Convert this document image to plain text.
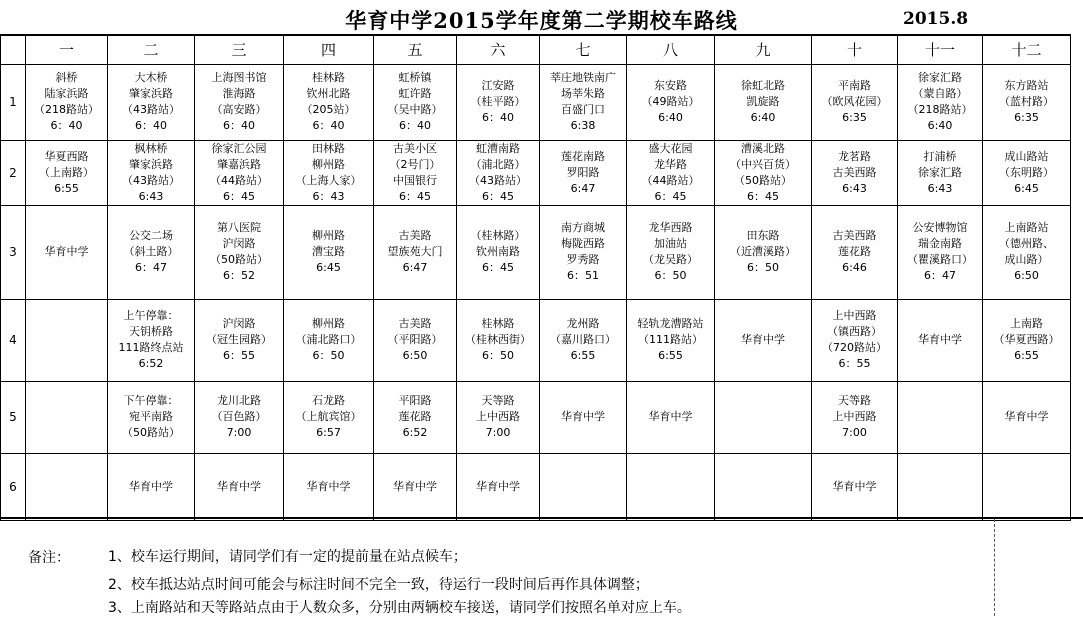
华育中学2015学年度第二学期校车路线	2015.8
	一	二	三	四	五	六	七	八	九	十	十一	十二
1	斜桥
陆家浜路
（218路站）
6：40	大木桥
肇家浜路
（43路站）
6：40	上海图书馆
淮海路
（高安路）
6：40	桂林路
钦州北路
（205站）
6：40	虹桥镇
虹许路
（吴中路）
6：40	江安路
（桂平路）
6：40	莘庄地铁南广
场莘朱路
百盛门口
6:38	东安路
（49路站）
6:40	徐虹北路
凯旋路
6:40	平南路
（欧风花园）
6:35	徐家汇路
（蒙自路）
（218路站）
6:40	东方路站
（蓝村路）
6:35

2	华夏西路
（上南路）
6:55	枫林桥
肇家浜路
（43路站）
6:43	徐家汇公园
肇嘉浜路
（44路站）
6：45	田林路
柳州路
（上海人家）
6：43	古美小区
（2号门）
中国银行
6：45	虹漕南路
（浦北路）
（43路站）
6：45	莲花南路
罗阳路
6:47	盛大花园
龙华路
（44路站）
6：45	漕溪北路
（中兴百货）
（50路站）
6：45	龙茗路
古美西路
6:43	打浦桥
徐家汇路
6:43	成山路站
（东明路）
6:45

3	华育中学	公交二场
（斜土路）
6：47	第八医院
沪闵路
（50路站）
6：52	柳州路
漕宝路
6:45	古美路
望族苑大门
6:47	（桂林路）
钦州南路
6：45	南方商城
梅陇西路
罗秀路
6：51	龙华西路
加油站
（龙吴路）
6：50	田东路
（近漕溪路）
6：50	古美西路
莲花路
6:46	公安博物馆
瑞金南路
（瞿溪路口）
6：47	上南路站
（德州路、
成山路）
6:50

4		上午停靠：
天钥桥路
111路终点站
6:52	沪闵路
（冠生园路）
6：55	柳州路
（浦北路口）
6：50	古美路
（平阳路）
6:50	桂林路
（桂林西街）
6：50	龙州路
（嘉川路口）
6:55	轻轨龙漕路站
（111路站）
6:55	华育中学	上中西路
（镇西路）
（720路站）
6：55	华育中学	上南路
（华夏西路）
6:55

5		下午停靠：
宛平南路
（50路站）	龙川北路
（百色路）
7:00	石龙路
（上航宾馆）
6:57	平阳路
莲花路
6:52	天等路
上中西路
7:00	华育中学	华育中学		天等路
上中西路
7:00		华育中学

6		华育中学	华育中学	华育中学	华育中学	华育中学				华育中学		

备注：	1、校车运行期间，请同学们有一定的提前量在站点候车；
2、校车抵达站点时间可能会与标注时间不完全一致，待运行一段时间后再作具体调整；
3、上南路站和天等路站点由于人数众多，分别由两辆校车接送，请同学们按照名单对应上车。
